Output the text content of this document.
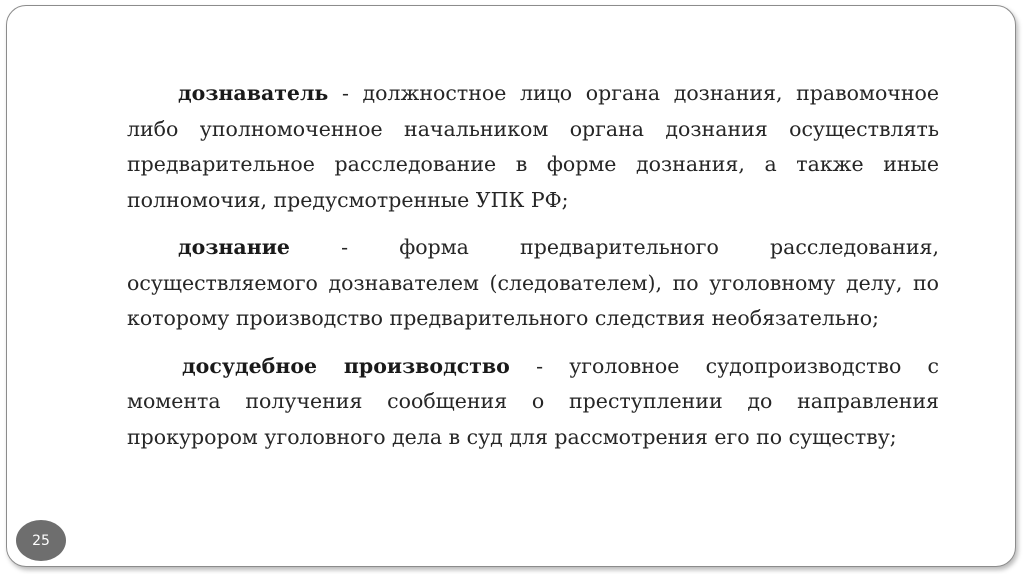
дознаватель - должностное лицо органа дознания, правомочное либо уполномоченное начальником органа дознания осуществлять предварительное расследование в форме дознания, а также иные полномочия, предусмотренные УПК РФ;

дознание - форма предварительного расследования, осуществляемого дознавателем (следователем), по уголовному делу, по которому производство предварительного следствия необязательно;

досудебное производство - уголовное судопроизводство с момента получения сообщения о преступлении до направления прокурором уголовного дела в суд для рассмотрения его по существу;

25
